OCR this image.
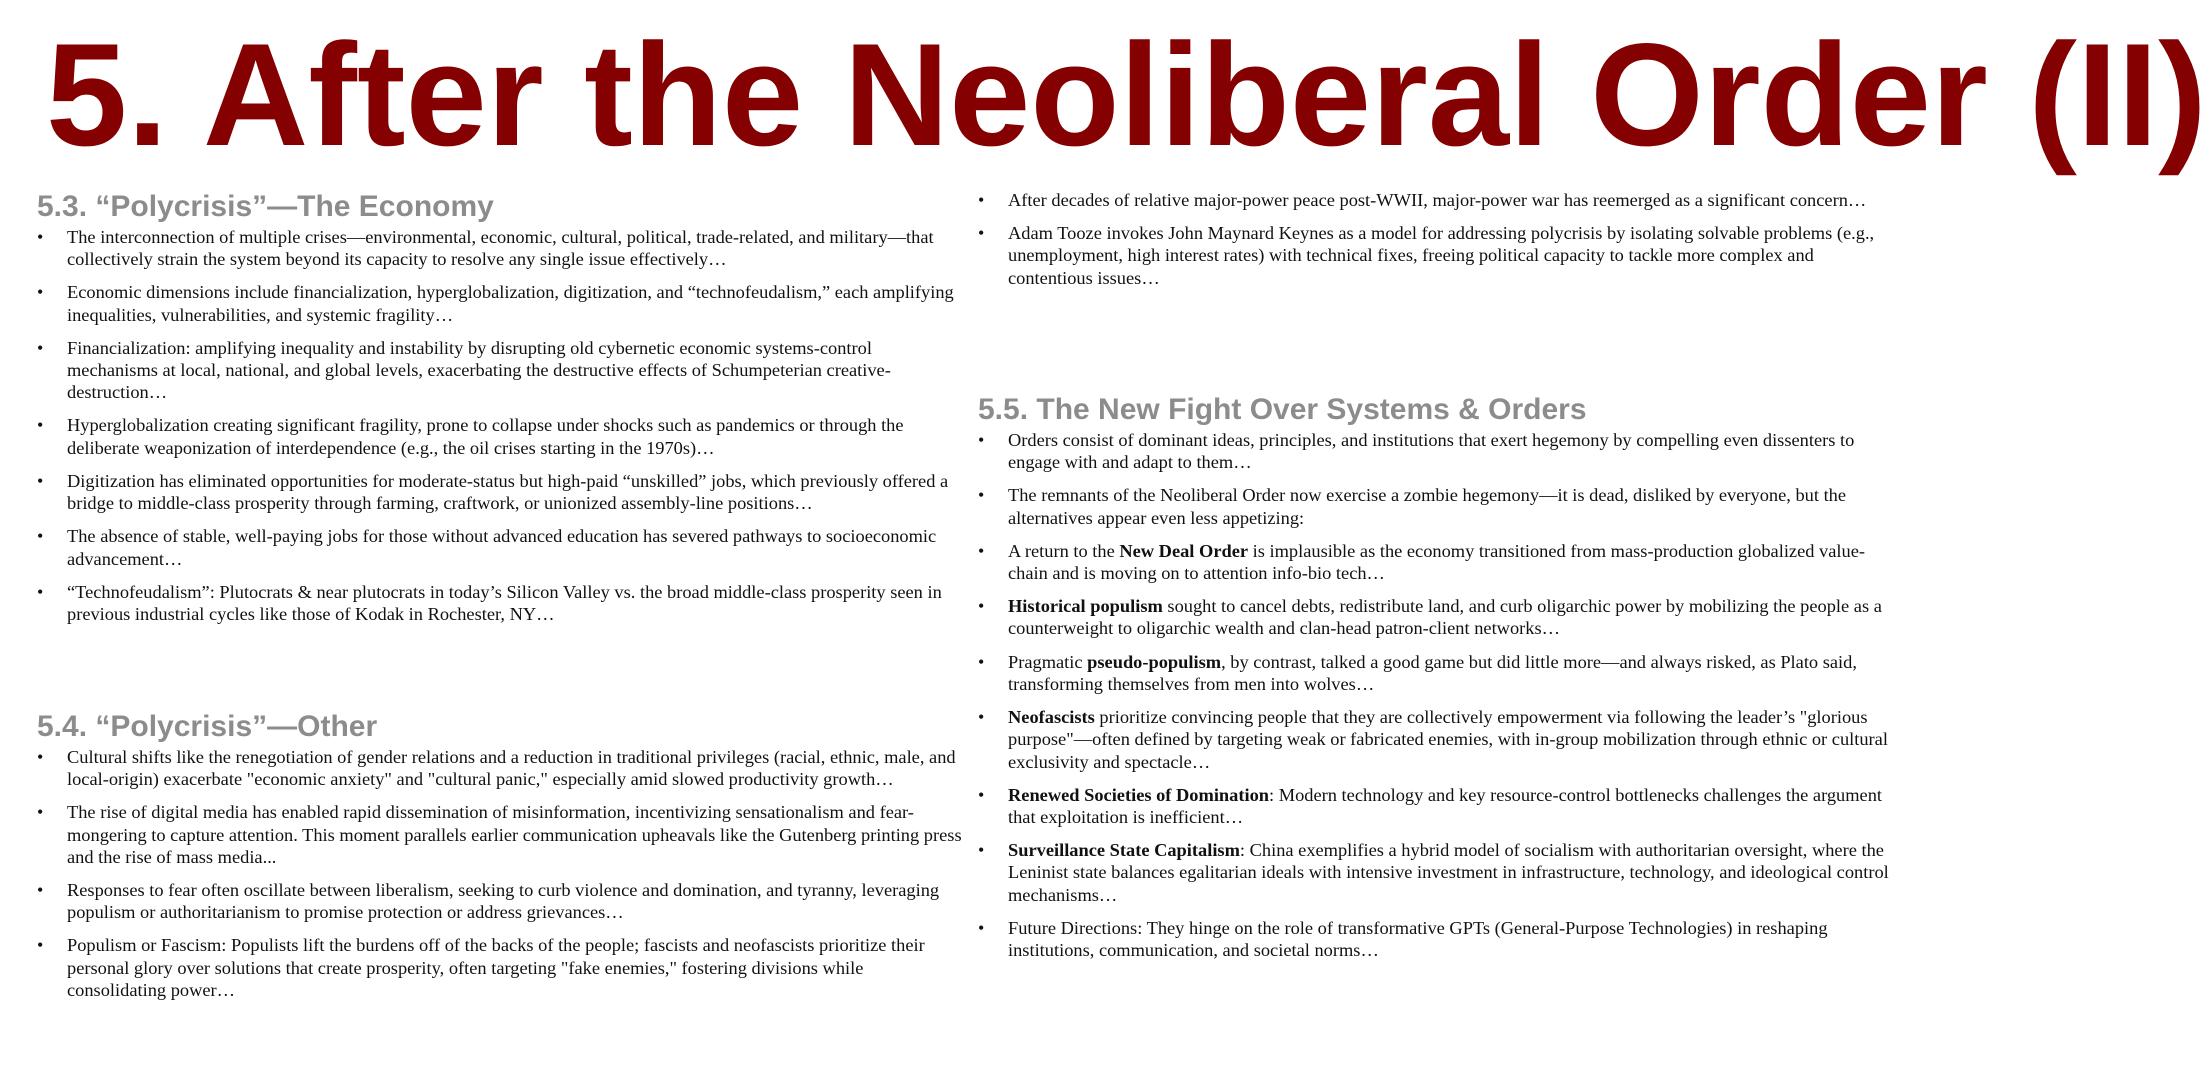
5. After the Neoliberal Order (II)
5.3. “Polycrisis”—The Economy
• The interconnection of multiple crises—environmental, economic, cultural, political, trade-related, and military—that collectively strain the system beyond its capacity to resolve any single issue effectively…
• Economic dimensions include financialization, hyperglobalization, digitization, and “technofeudalism,” each amplifying inequalities, vulnerabilities, and systemic fragility…
• Financialization: amplifying inequality and instability by disrupting old cybernetic economic systems-control mechanisms at local, national, and global levels, exacerbating the destructive effects of Schumpeterian creative-destruction…
• Hyperglobalization creating significant fragility, prone to collapse under shocks such as pandemics or through the deliberate weaponization of interdependence (e.g., the oil crises starting in the 1970s)…
• Digitization has eliminated opportunities for moderate-status but high-paid “unskilled” jobs, which previously offered a bridge to middle-class prosperity through farming, craftwork, or unionized assembly-line positions…
• The absence of stable, well-paying jobs for those without advanced education has severed pathways to socioeconomic advancement…
• “Technofeudalism”: Plutocrats & near plutocrats in today’s Silicon Valley vs. the broad middle-class prosperity seen in previous industrial cycles like those of Kodak in Rochester, NY…
5.4. “Polycrisis”—Other
• Cultural shifts like the renegotiation of gender relations and a reduction in traditional privileges (racial, ethnic, male, and local-origin) exacerbate "economic anxiety" and "cultural panic," especially amid slowed productivity growth…
• The rise of digital media has enabled rapid dissemination of misinformation, incentivizing sensationalism and fear-mongering to capture attention. This moment parallels earlier communication upheavals like the Gutenberg printing press and the rise of mass media...
• Responses to fear often oscillate between liberalism, seeking to curb violence and domination, and tyranny, leveraging populism or authoritarianism to promise protection or address grievances…
• Populism or Fascism: Populists lift the burdens off of the backs of the people; fascists and neofascists prioritize their personal glory over solutions that create prosperity, often targeting "fake enemies," fostering divisions while consolidating power…
• After decades of relative major-power peace post-WWII, major-power war has reemerged as a significant concern…
• Adam Tooze invokes John Maynard Keynes as a model for addressing polycrisis by isolating solvable problems (e.g., unemployment, high interest rates) with technical fixes, freeing political capacity to tackle more complex and contentious issues…
5.5. The New Fight Over Systems & Orders
• Orders consist of dominant ideas, principles, and institutions that exert hegemony by compelling even dissenters to engage with and adapt to them…
• The remnants of the Neoliberal Order now exercise a zombie hegemony—it is dead, disliked by everyone, but the alternatives appear even less appetizing:
• A return to the New Deal Order is implausible as the economy transitioned from mass-production globalized value-chain and is moving on to attention info-bio tech…
• Historical populism sought to cancel debts, redistribute land, and curb oligarchic power by mobilizing the people as a counterweight to oligarchic wealth and clan-head patron-client networks…
• Pragmatic pseudo-populism, by contrast, talked a good game but did little more—and always risked, as Plato said, transforming themselves from men into wolves…
• Neofascists prioritize convincing people that they are collectively empowerment via following the leader’s "glorious purpose"—often defined by targeting weak or fabricated enemies, with in-group mobilization through ethnic or cultural exclusivity and spectacle…
• Renewed Societies of Domination: Modern technology and key resource-control bottlenecks challenges the argument that exploitation is inefficient…
• Surveillance State Capitalism: China exemplifies a hybrid model of socialism with authoritarian oversight, where the Leninist state balances egalitarian ideals with intensive investment in infrastructure, technology, and ideological control mechanisms…
• Future Directions: They hinge on the role of transformative GPTs (General-Purpose Technologies) in reshaping institutions, communication, and societal norms…
